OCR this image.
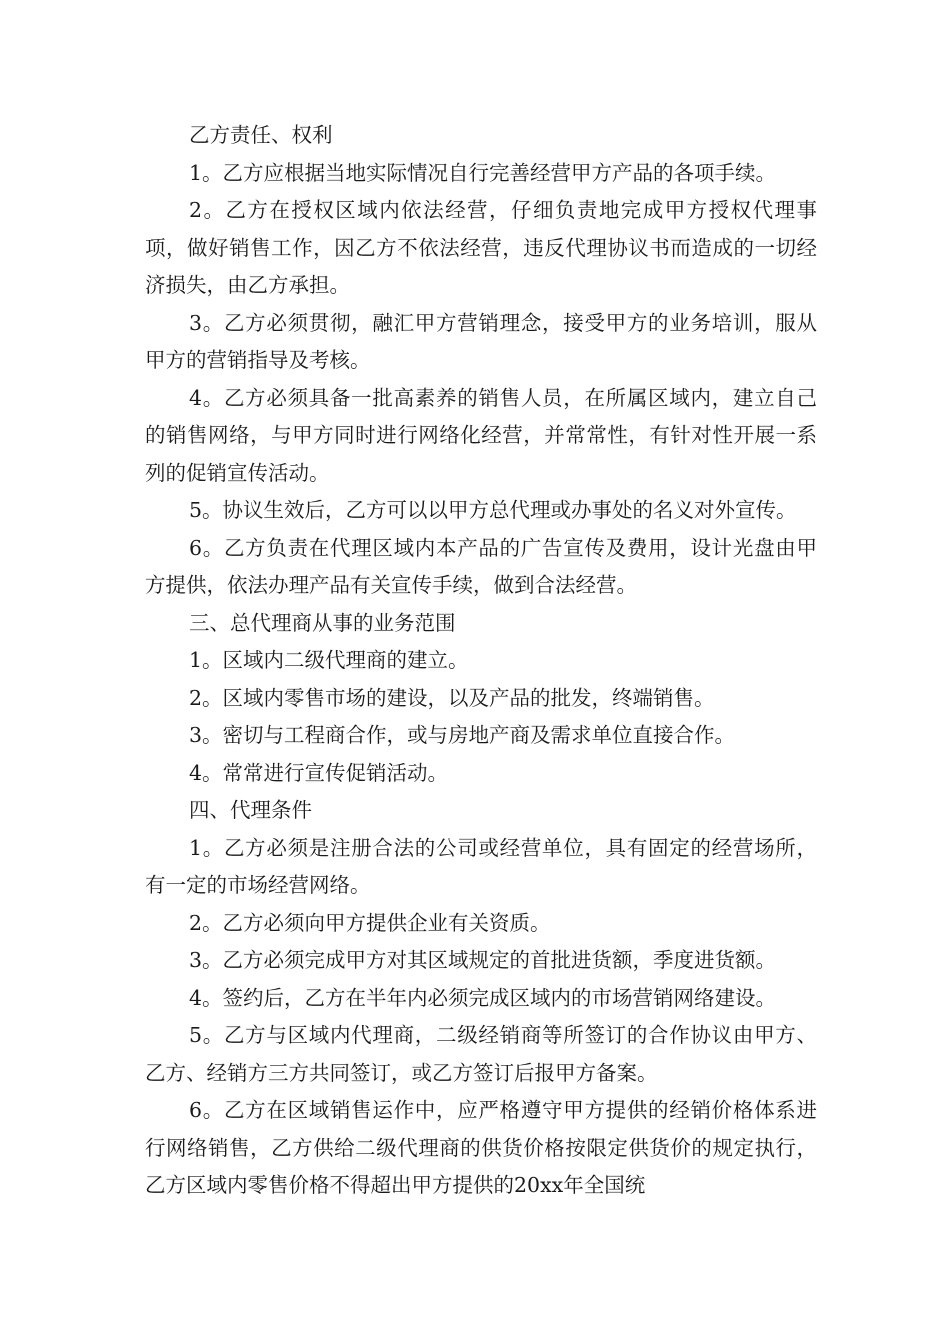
乙方责任、权利

1。乙方应根据当地实际情况自行完善经营甲方产品的各项手续。

2。乙方在授权区域内依法经营，仔细负责地完成甲方授权代理事项，做好销售工作，因乙方不依法经营，违反代理协议书而造成的一切经济损失，由乙方承担。

3。乙方必须贯彻，融汇甲方营销理念，接受甲方的业务培训，服从甲方的营销指导及考核。

4。乙方必须具备一批高素养的销售人员，在所属区域内，建立自己的销售网络，与甲方同时进行网络化经营，并常常性，有针对性开展一系列的促销宣传活动。

5。协议生效后，乙方可以以甲方总代理或办事处的名义对外宣传。

6。乙方负责在代理区域内本产品的广告宣传及费用，设计光盘由甲方提供，依法办理产品有关宣传手续，做到合法经营。

三、总代理商从事的业务范围

1。区域内二级代理商的建立。

2。区域内零售市场的建设，以及产品的批发，终端销售。

3。密切与工程商合作，或与房地产商及需求单位直接合作。

4。常常进行宣传促销活动。

四、代理条件

1。乙方必须是注册合法的公司或经营单位，具有固定的经营场所，有一定的市场经营网络。

2。乙方必须向甲方提供企业有关资质。

3。乙方必须完成甲方对其区域规定的首批进货额，季度进货额。

4。签约后，乙方在半年内必须完成区域内的市场营销网络建设。

5。乙方与区域内代理商，二级经销商等所签订的合作协议由甲方、乙方、经销方三方共同签订，或乙方签订后报甲方备案。

6。乙方在区域销售运作中，应严格遵守甲方提供的经销价格体系进行网络销售，乙方供给二级代理商的供货价格按限定供货价的规定执行，乙方区域内零售价格不得超出甲方提供的20xx年全国统
